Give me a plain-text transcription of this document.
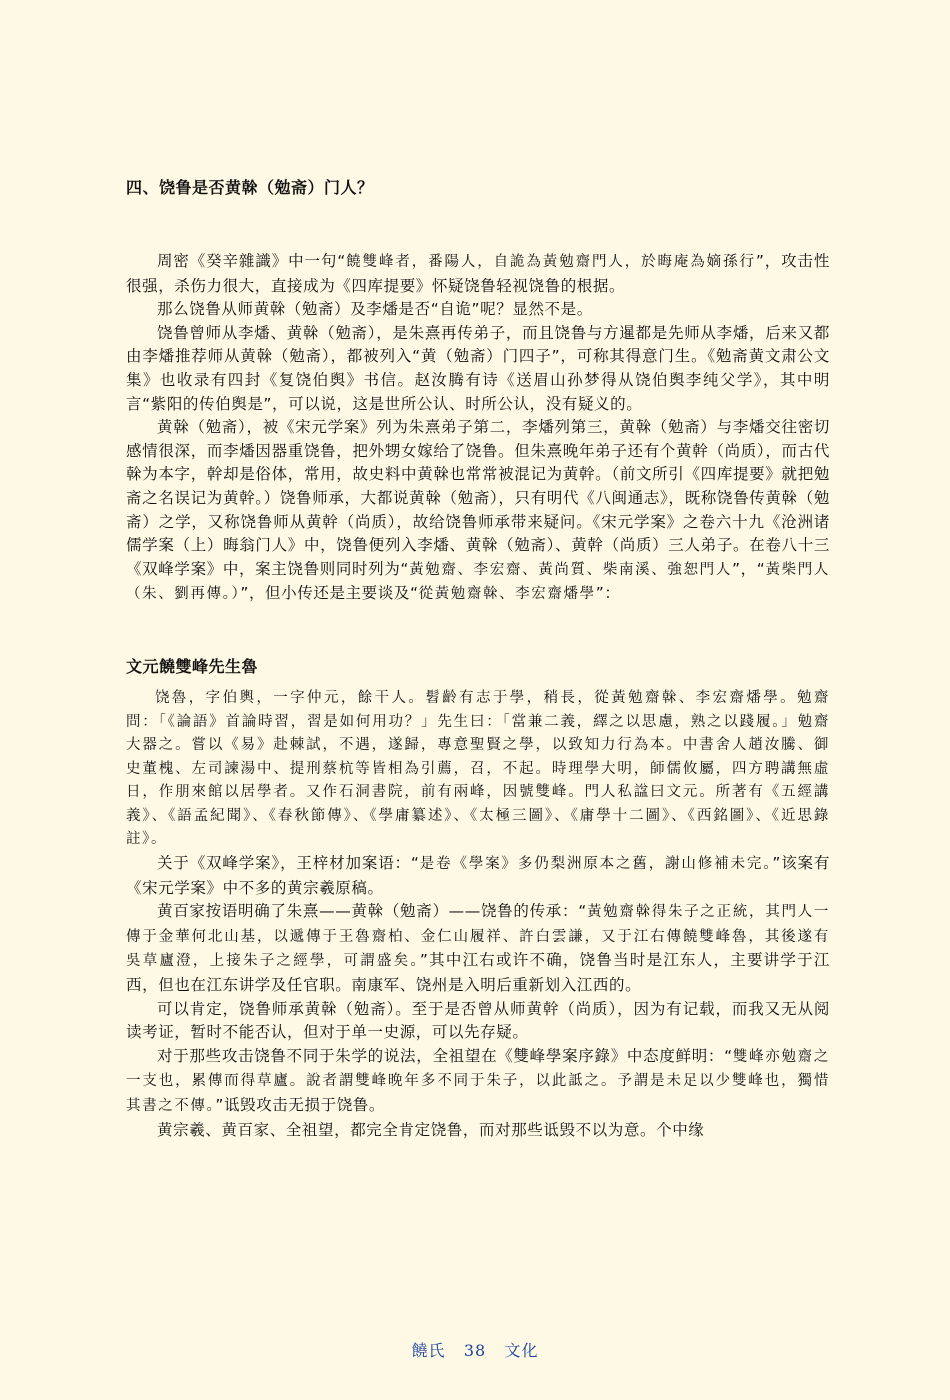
四、饶鲁是否黄榦（勉斋）门人？

周密《癸辛雜識》中一句“饒雙峰者，番陽人，自詭為黃勉齋門人，於晦庵為嫡孫行”，攻击性很强，杀伤力很大，直接成为《四库提要》怀疑饶鲁轻视饶鲁的根据。

那么饶鲁从师黄榦（勉斋）及李燔是否“自诡”呢？显然不是。

饶鲁曾师从李燔、黄榦（勉斋），是朱熹再传弟子，而且饶鲁与方暹都是先师从李燔，后来又都由李燔推荐师从黄榦（勉斋），都被列入“黄（勉斋）门四子”，可称其得意门生。《勉斋黄文肃公文集》也收录有四封《复饶伯舆》书信。赵汝腾有诗《送眉山孙梦得从饶伯舆李纯父学》，其中明言“紫阳的传伯舆是”，可以说，这是世所公认、时所公认，没有疑义的。

黄榦（勉斋），被《宋元学案》列为朱熹弟子第二，李燔列第三，黄榦（勉斋）与李燔交往密切感情很深，而李燔因器重饶鲁，把外甥女嫁给了饶鲁。但朱熹晚年弟子还有个黄幹（尚质），而古代榦为本字，幹却是俗体，常用，故史料中黄榦也常常被混记为黄幹。（前文所引《四库提要》就把勉斋之名误记为黄幹。）饶鲁师承，大都说黄榦（勉斋），只有明代《八闽通志》，既称饶鲁传黄榦（勉斋）之学，又称饶鲁师从黄幹（尚质），故给饶鲁师承带来疑问。《宋元学案》之卷六十九《沧洲诸儒学案（上）晦翁门人》中，饶鲁便列入李燔、黄榦（勉斋）、黄幹（尚质）三人弟子。在卷八十三《双峰学案》中，案主饶鲁则同时列为“黃勉齋、李宏齋、黃尚質、柴南溪、強恕門人”，“黃柴門人（朱、劉再傳。）”，但小传还是主要谈及“從黃勉齋榦、李宏齋燔學”：

文元饒雙峰先生魯

饶魯，字伯輿，一字仲元，餘干人。髫齡有志于學，稍長，從黃勉齋榦、李宏齋燔學。勉齋問：「《論語》首論時習，習是如何用功？」先生曰：「當兼二義，繹之以思慮，熟之以踐履。」勉齋大器之。嘗以《易》赴棘試，不遇，遂歸，專意聖賢之學，以致知力行為本。中書舍人趙汝騰、御史董槐、左司諫湯中、提刑蔡杭等皆相為引薦，召，不起。時理學大明，師儒攸屬，四方聘講無虛日，作朋來館以居學者。又作石洞書院，前有兩峰，因號雙峰。門人私諡曰文元。所著有《五經講義》、《語孟紀聞》、《春秋節傳》、《學庸纂述》、《太極三圖》、《庸學十二圖》、《西銘圖》、《近思錄註》。

关于《双峰学案》，王梓材加案语：“是卷《學案》多仍梨洲原本之舊，謝山修補未完。”该案有《宋元学案》中不多的黄宗羲原稿。

黄百家按语明确了朱熹——黄榦（勉斋）——饶鲁的传承：“黃勉齋榦得朱子之正統，其門人一傳于金華何北山基，以遞傳于王魯齋柏、金仁山履祥、許白雲謙，又于江右傳饒雙峰魯，其後遂有吳草廬澄，上接朱子之經學，可謂盛矣。”其中江右或许不确，饶鲁当时是江东人，主要讲学于江西，但也在江东讲学及任官职。南康军、饶州是入明后重新划入江西的。

可以肯定，饶鲁师承黄榦（勉斋）。至于是否曾从师黄幹（尚质），因为有记载，而我又无从阅读考证，暂时不能否认，但对于单一史源，可以先存疑。

对于那些攻击饶鲁不同于朱学的说法，全祖望在《雙峰學案序錄》中态度鲜明：“雙峰亦勉齋之一支也，累傳而得草廬。說者謂雙峰晚年多不同于朱子，以此詆之。予謂是未足以少雙峰也，獨惜其書之不傳。”诋毁攻击无损于饶鲁。

黄宗羲、黄百家、全祖望，都完全肯定饶鲁，而对那些诋毁不以为意。个中缘

饒氏 38 文化
